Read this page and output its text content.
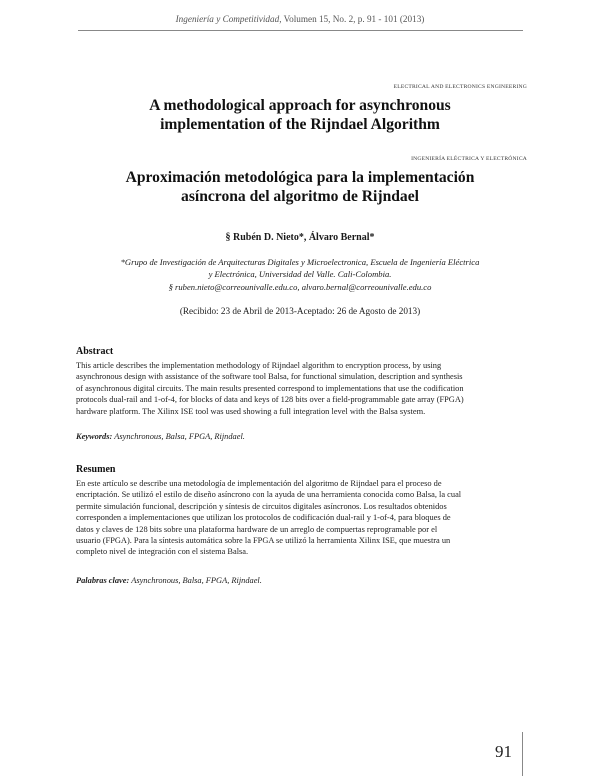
Ingeniería y Competitividad, Volumen 15, No. 2, p. 91 - 101 (2013)
ELECTRICAL AND ELECTRONICS ENGINEERING
A methodological approach for asynchronous
implementation of the Rijndael Algorithm
INGENIERÍA ELÉCTRICA Y ELECTRÓNICA
Aproximación metodológica para la implementación
asíncrona del algoritmo de Rijndael
§ Rubén D. Nieto*, Álvaro Bernal*
*Grupo de Investigación de Arquitecturas Digitales y Microelectronica, Escuela de Ingeniería Eléctrica
y Electrónica, Universidad del Valle. Cali-Colombia.
§ ruben.nieto@correounivalle.edu.co, alvaro.bernal@correounivalle.edu.co
(Recibido: 23 de Abril de 2013-Aceptado: 26 de Agosto de 2013)
Abstract
This article describes the implementation methodology of Rijndael algorithm to encryption process, by using
asynchronous design with assistance of the software tool Balsa, for functional simulation, description and synthesis
of asynchronous digital circuits. The main results presented correspond to implementations that use the codification
protocols dual-rail and 1-of-4, for blocks of data and keys of 128 bits over a field-programmable gate array (FPGA)
hardware platform. The Xilinx ISE tool was used showing a full integration level with the Balsa system.
Keywords: Asynchronous, Balsa, FPGA, Rijndael.
Resumen
En este artículo se describe una metodología de implementación del algoritmo de Rijndael para el proceso de
encriptación. Se utilizó el estilo de diseño asíncrono con la ayuda de una herramienta conocida como Balsa, la cual
permite simulación funcional, descripción y síntesis de circuitos digitales asíncronos. Los resultados obtenidos
corresponden a implementaciones que utilizan los protocolos de codificación dual-rail y 1-of-4, para bloques de
datos y claves de 128 bits sobre una plataforma hardware de un arreglo de compuertas reprogramable por el
usuario (FPGA). Para la síntesis automática sobre la FPGA se utilizó la herramienta Xilinx ISE, que muestra un
completo nivel de integración con el sistema Balsa.
Palabras clave: Asynchronous, Balsa, FPGA, Rijndael.
91
